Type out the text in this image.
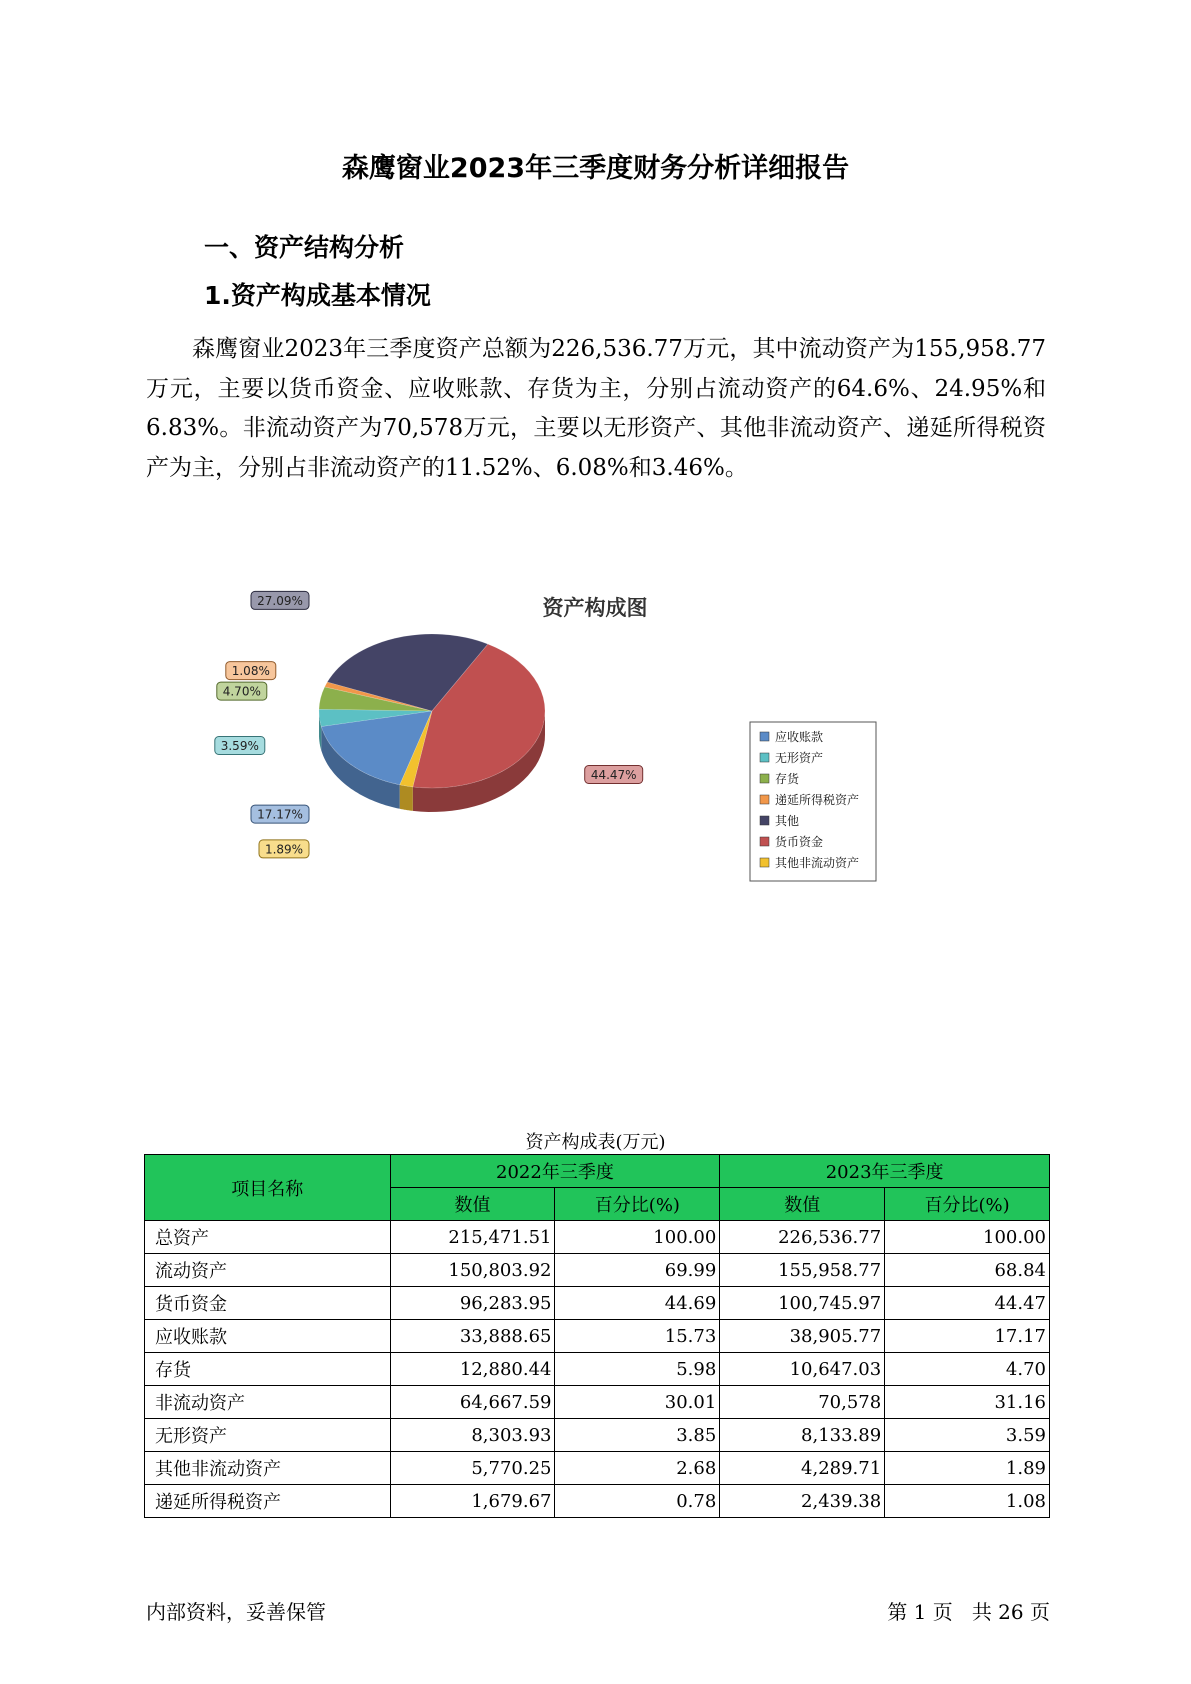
森鹰窗业2023年三季度财务分析详细报告
一、资产结构分析
1.资产构成基本情况
森鹰窗业2023年三季度资产总额为226,536.77万元，其中流动资产为155,958.77万元，主要以货币资金、应收账款、存货为主，分别占流动资产的64.6%、24.95%和6.83%。非流动资产为70,578万元，主要以无形资产、其他非流动资产、递延所得税资产为主，分别占非流动资产的11.52%、6.08%和3.46%。
资产构成图
17.17%
3.59%
4.70%
1.08%
27.09%
44.47%
1.89%
应收账款
无形资产
存货
递延所得税资产
其他
货币资金
其他非流动资产
资产构成表(万元)
项目名称	2022年三季度		2023年三季度	
	数值	百分比(%)	数值	百分比(%)
总资产	215,471.51	100.00	226,536.77	100.00
流动资产	150,803.92	69.99	155,958.77	68.84
货币资金	96,283.95	44.69	100,745.97	44.47
应收账款	33,888.65	15.73	38,905.77	17.17
存货	12,880.44	5.98	10,647.03	4.70
非流动资产	64,667.59	30.01	70,578	31.16
无形资产	8,303.93	3.85	8,133.89	3.59
其他非流动资产	5,770.25	2.68	4,289.71	1.89
递延所得税资产	1,679.67	0.78	2,439.38	1.08
内部资料，妥善保管	第 1 页   共 26 页
